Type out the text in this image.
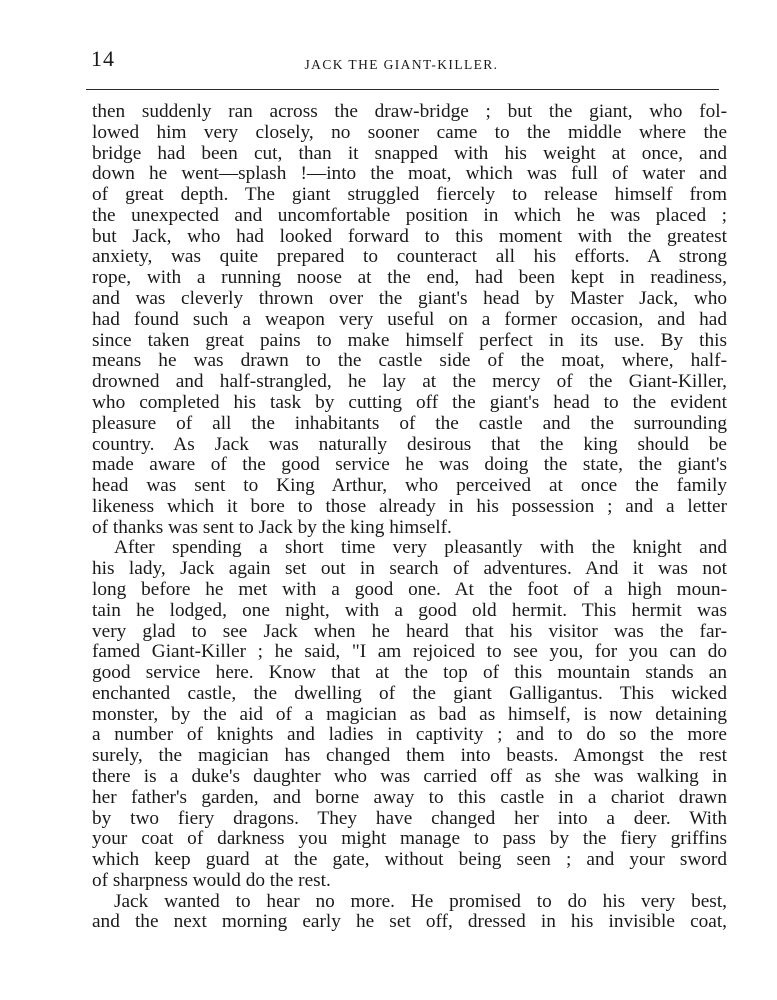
14	JACK THE GIANT-KILLER.
then suddenly ran across the draw-bridge ; but the giant, who fol-
lowed him very closely, no sooner came to the middle where the
bridge had been cut, than it snapped with his weight at once, and
down he went—splash !—into the moat, which was full of water and
of great depth. The giant struggled fiercely to release himself from
the unexpected and uncomfortable position in which he was placed ;
but Jack, who had looked forward to this moment with the greatest
anxiety, was quite prepared to counteract all his efforts. A strong
rope, with a running noose at the end, had been kept in readiness,
and was cleverly thrown over the giant's head by Master Jack, who
had found such a weapon very useful on a former occasion, and had
since taken great pains to make himself perfect in its use. By this
means he was drawn to the castle side of the moat, where, half-
drowned and half-strangled, he lay at the mercy of the Giant-Killer,
who completed his task by cutting off the giant's head to the evident
pleasure of all the inhabitants of the castle and the surrounding
country. As Jack was naturally desirous that the king should be
made aware of the good service he was doing the state, the giant's
head was sent to King Arthur, who perceived at once the family
likeness which it bore to those already in his possession ; and a letter
of thanks was sent to Jack by the king himself.
After spending a short time very pleasantly with the knight and
his lady, Jack again set out in search of adventures. And it was not
long before he met with a good one. At the foot of a high moun-
tain he lodged, one night, with a good old hermit. This hermit was
very glad to see Jack when he heard that his visitor was the far-
famed Giant-Killer ; he said, "I am rejoiced to see you, for you can do
good service here. Know that at the top of this mountain stands an
enchanted castle, the dwelling of the giant Galligantus. This wicked
monster, by the aid of a magician as bad as himself, is now detaining
a number of knights and ladies in captivity ; and to do so the more
surely, the magician has changed them into beasts. Amongst the rest
there is a duke's daughter who was carried off as she was walking in
her father's garden, and borne away to this castle in a chariot drawn
by two fiery dragons. They have changed her into a deer. With
your coat of darkness you might manage to pass by the fiery griffins
which keep guard at the gate, without being seen ; and your sword
of sharpness would do the rest.
Jack wanted to hear no more. He promised to do his very best,
and the next morning early he set off, dressed in his invisible coat,
